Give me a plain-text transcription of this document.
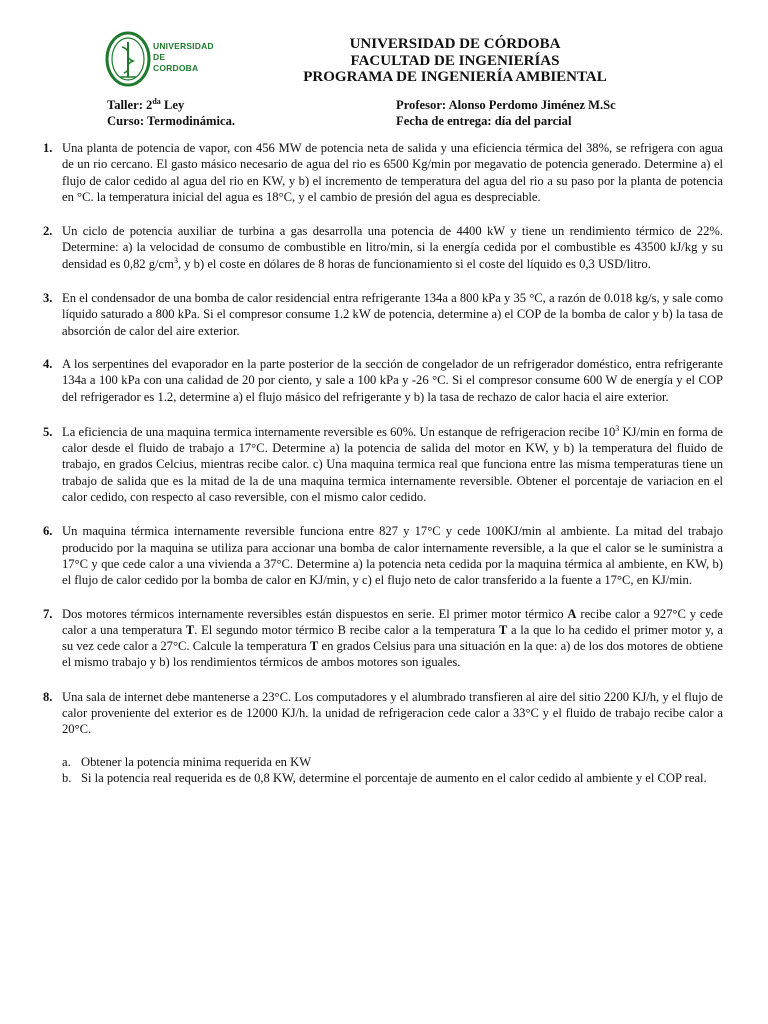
UNIVERSIDAD
DE
CORDOBA
UNIVERSIDAD DE CÓRDOBA
FACULTAD DE INGENIERÍAS
PROGRAMA DE INGENIERÍA AMBIENTAL
Taller: $2^{da}$ Ley
Curso: Termodinámica.
Profesor: Alonso Perdomo Jiménez M.Sc
Fecha de entrega: día del parcial
1. Una planta de potencia de vapor, con 456 MW de potencia neta de salida y una eficiencia térmica del 38%, se refrigera con agua de un rio cercano. El gasto másico necesario de agua del rio es 6500 Kg/min por megavatio de potencia generado. Determine a) el flujo de calor cedido al agua del rio en KW, y b) el incremento de temperatura del agua del rio a su paso por la planta de potencia en °C. la temperatura inicial del agua es 18°C, y el cambio de presión del agua es despreciable.
2. Un ciclo de potencia auxiliar de turbina a gas desarrolla una potencia de 4400 kW y tiene un rendimiento térmico de 22%. Determine: a) la velocidad de consumo de combustible en litro/min, si la energía cedida por el combustible es 43500 kJ/kg y su densidad es 0,82 $g/cm^3$, y b) el coste en dólares de 8 horas de funcionamiento si el coste del líquido es 0,3 USD/litro.
3. En el condensador de una bomba de calor residencial entra refrigerante 134a a 800 kPa y 35 °C, a razón de 0.018 kg/s, y sale como líquido saturado a 800 kPa. Si el compresor consume 1.2 kW de potencia, determine a) el COP de la bomba de calor y b) la tasa de absorción de calor del aire exterior.
4. A los serpentines del evaporador en la parte posterior de la sección de congelador de un refrigerador doméstico, entra refrigerante 134a a 100 kPa con una calidad de 20 por ciento, y sale a 100 kPa y -26 °C. Si el compresor consume 600 W de energía y el COP del refrigerador es 1.2, determine a) el flujo másico del refrigerante y b) la tasa de rechazo de calor hacia el aire exterior.
5. La eficiencia de una maquina termica internamente reversible es 60%. Un estanque de refrigeracion recibe $10^3$ KJ/min en forma de calor desde el fluido de trabajo a 17°C. Determine a) la potencia de salida del motor en KW, y b) la temperatura del fluido de trabajo, en grados Celcius, mientras recibe calor. c) Una maquina termica real que funciona entre las misma temperaturas tiene un trabajo de salida que es la mitad de la de una maquina termica internamente reversible. Obtener el porcentaje de variacion en el calor cedido, con respecto al caso reversible, con el mismo calor cedido.
6. Un maquina térmica internamente reversible funciona entre 827 y 17°C y cede 100KJ/min al ambiente. La mitad del trabajo producido por la maquina se utiliza para accionar una bomba de calor internamente reversible, a la que el calor se le suministra a 17°C y que cede calor a una vivienda a 37°C. Determine a) la potencia neta cedida por la maquina térmica al ambiente, en KW, b) el flujo de calor cedido por la bomba de calor en KJ/min, y c) el flujo neto de calor transferido a la fuente a 17°C, en KJ/min.
7. Dos motores térmicos internamente reversibles están dispuestos en serie. El primer motor térmico A recibe calor a 927°C y cede calor a una temperatura T. El segundo motor térmico B recibe calor a la temperatura T a la que lo ha cedido el primer motor y, a su vez cede calor a 27°C. Calcule la temperatura T en grados Celsius para una situación en la que: a) de los dos motores de obtiene el mismo trabajo y b) los rendimientos térmicos de ambos motores son iguales.
8. Una sala de internet debe mantenerse a 23°C. Los computadores y el alumbrado transfieren al aire del sitio 2200 KJ/h, y el flujo de calor proveniente del exterior es de 12000 KJ/h. la unidad de refrigeracion cede calor a 33°C y el fluido de trabajo recibe calor a 20°C.
a. Obtener la potencia minima requerida en KW
b. Si la potencia real requerida es de 0,8 KW, determine el porcentaje de aumento en el calor cedido al ambiente y el COP real.
